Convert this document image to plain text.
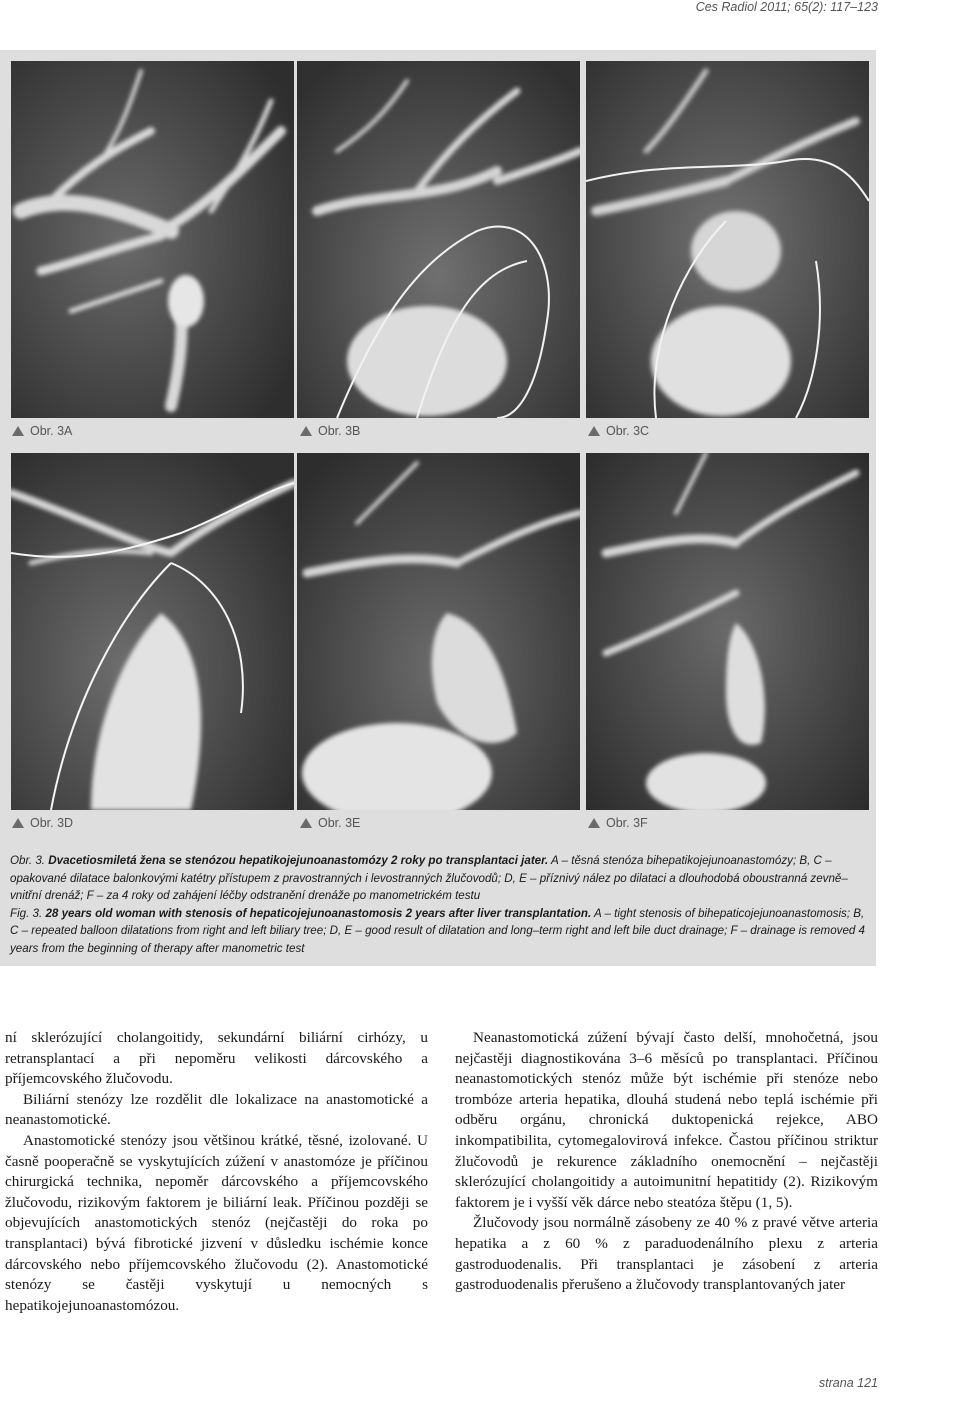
Ces Radiol 2011; 65(2): 117–123
Obr. 3A	Obr. 3B	Obr. 3C
Obr. 3D	Obr. 3E	Obr. 3F

Obr. 3. Dvacetiosmiletá žena se stenózou hepatikojejunoanastomózy 2 roky po transplantaci jater. A – těsná stenóza bihepatikojejunoanastomózy; B, C – opakované dilatace balonkovými katétry přístupem z pravostranných i levostranných žlučovodů; D, E – příznivý nález po dilataci a dlouhodobá oboustranná zevně–vnitřní drenáž; F – za 4 roky od zahájení léčby odstranění drenáže po manometrickém testu

Fig. 3. 28 years old woman with stenosis of hepaticojejunoanastomosis 2 years after liver transplantation. A – tight stenosis of bihepaticojejunoanastomosis; B, C – repeated balloon dilatations from right and left biliary tree; D, E – good result of dilatation and long–term right and left bile duct drainage; F – drainage is removed 4 years from the beginning of therapy after manometric test

ní sklerózující cholangoitidy, sekundární biliární cirhózy, u retransplantací a při nepoměru velikosti dárcovského a příjemcovského žlučovodu.

Biliární stenózy lze rozdělit dle lokalizace na anastomotické a neanastomotické.

Anastomotické stenózy jsou většinou krátké, těsné, izolované. U časně pooperačně se vyskytujících zúžení v anastomóze je příčinou chirurgická technika, nepoměr dárcovského a příjemcovského žlučovodu, rizikovým faktorem je biliární leak. Příčinou později se objevujících anastomotických stenóz (nejčastěji do roka po transplantaci) bývá fibrotické jizvení v důsledku ischémie konce dárcovského nebo příjemcovského žlučovodu (2). Anastomotické stenózy se častěji vyskytují u nemocných s hepatikojejunoanastomózou.

Neanastomotická zúžení bývají často delší, mnohočetná, jsou nejčastěji diagnostikována 3–6 měsíců po transplantaci. Příčinou neanastomotických stenóz může být ischémie při stenóze nebo trombóze arteria hepatika, dlouhá studená nebo teplá ischémie při odběru orgánu, chronická duktopenická rejekce, ABO inkompatibilita, cytomegalovirová infekce. Častou příčinou striktur žlučovodů je rekurence základního onemocnění – nejčastěji sklerózující cholangoitidy a autoimunitní hepatitidy (2). Rizikovým faktorem je i vyšší věk dárce nebo steatóza štěpu (1, 5).

Žlučovody jsou normálně zásobeny ze 40 % z pravé větve arteria hepatika a z 60 % z paraduodenálního plexu z arteria gastroduodenalis. Při transplantaci je zásobení z arteria gastroduodenalis přerušeno a žlučovody transplantovaných jater

strana 121
